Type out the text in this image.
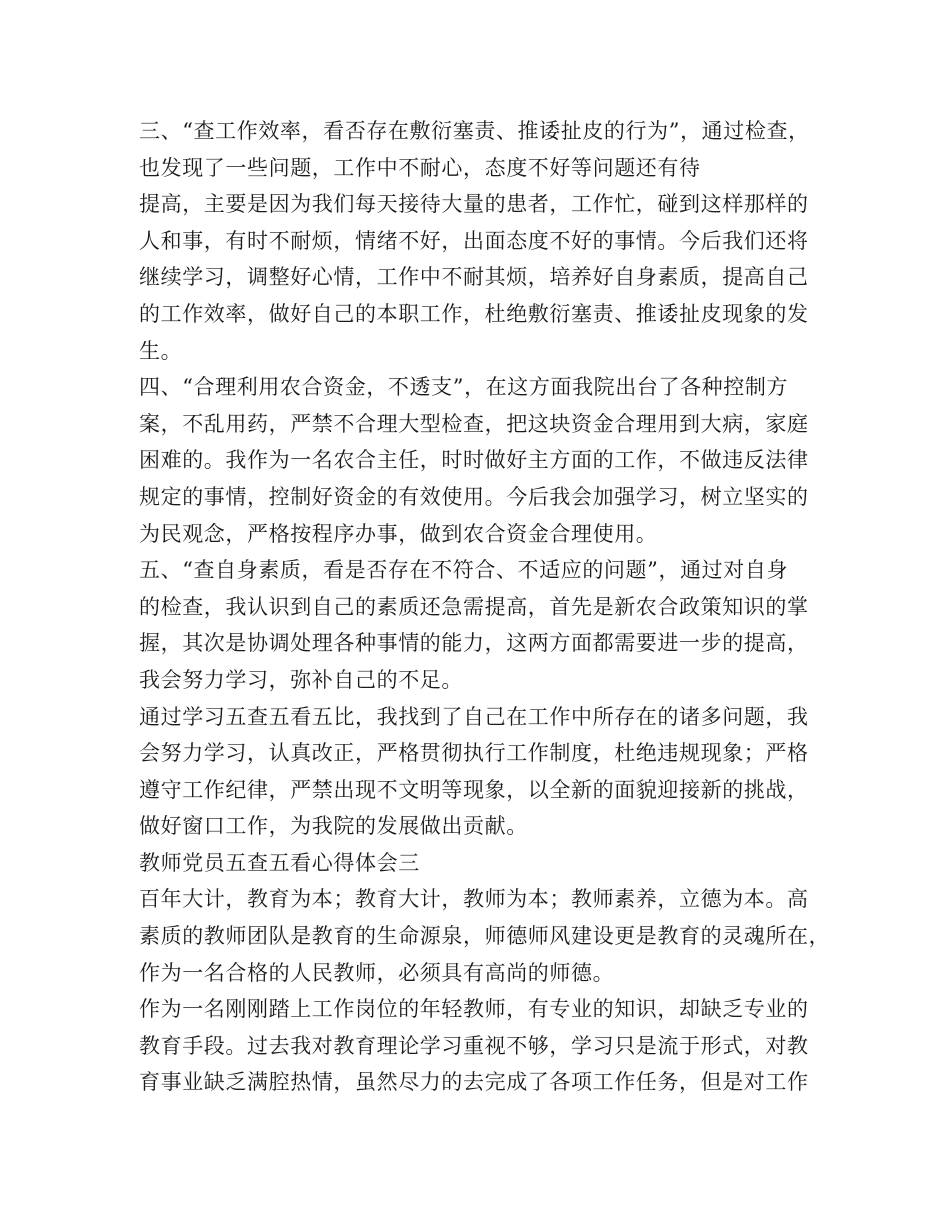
三、“查工作效率，看否存在敷衍塞责、推诿扯皮的行为”，通过检查，
也发现了一些问题，工作中不耐心，态度不好等问题还有待
提高，主要是因为我们每天接待大量的患者，工作忙，碰到这样那样的
人和事，有时不耐烦，情绪不好，出面态度不好的事情。今后我们还将
继续学习，调整好心情，工作中不耐其烦，培养好自身素质，提高自己
的工作效率，做好自己的本职工作，杜绝敷衍塞责、推诿扯皮现象的发
生。
四、“合理利用农合资金，不透支”，在这方面我院出台了各种控制方
案，不乱用药，严禁不合理大型检查，把这块资金合理用到大病，家庭
困难的。我作为一名农合主任，时时做好主方面的工作，不做违反法律
规定的事情，控制好资金的有效使用。今后我会加强学习，树立坚实的
为民观念，严格按程序办事，做到农合资金合理使用。
五、“查自身素质，看是否存在不符合、不适应的问题”，通过对自身
的检查，我认识到自己的素质还急需提高，首先是新农合政策知识的掌
握，其次是协调处理各种事情的能力，这两方面都需要进一步的提高，
我会努力学习，弥补自己的不足。
通过学习五查五看五比，我找到了自己在工作中所存在的诸多问题，我
会努力学习，认真改正，严格贯彻执行工作制度，杜绝违规现象；严格
遵守工作纪律，严禁出现不文明等现象，以全新的面貌迎接新的挑战，
做好窗口工作，为我院的发展做出贡献。
教师党员五查五看心得体会三
百年大计，教育为本；教育大计，教师为本；教师素养，立德为本。高
素质的教师团队是教育的生命源泉，师德师风建设更是教育的灵魂所在，
作为一名合格的人民教师，必须具有高尚的师德。
作为一名刚刚踏上工作岗位的年轻教师，有专业的知识，却缺乏专业的
教育手段。过去我对教育理论学习重视不够，学习只是流于形式，对教
育事业缺乏满腔热情，虽然尽力的去完成了各项工作任务，但是对工作
